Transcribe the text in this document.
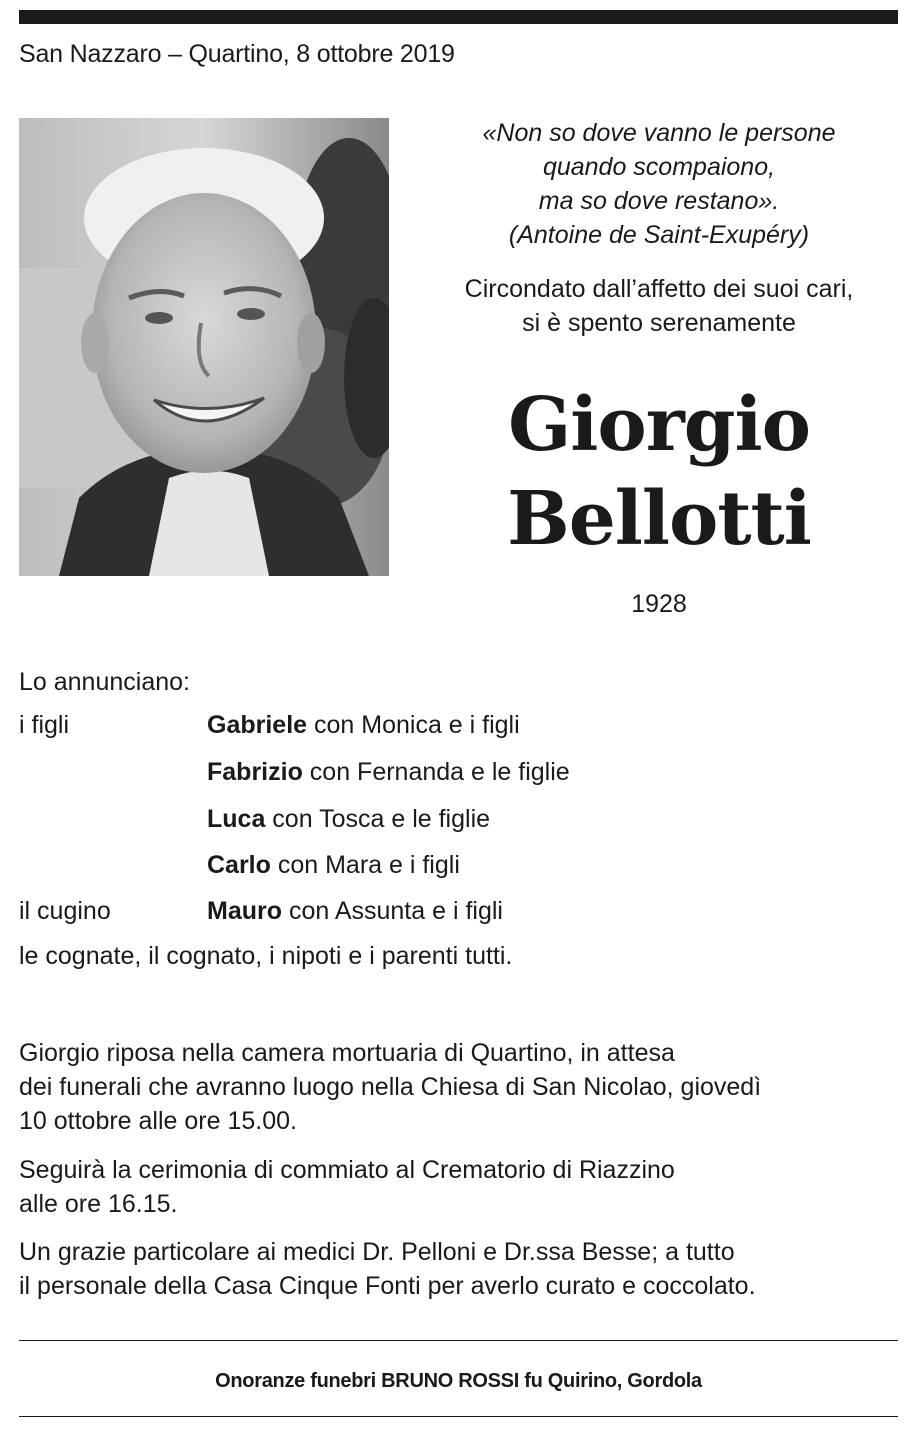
San Nazzaro – Quartino, 8 ottobre 2019
«Non so dove vanno le persone
quando scompaiono,
ma so dove restano».
(Antoine de Saint-Exupéry)
Circondato dall’affetto dei suoi cari,
si è spento serenamente
Giorgio
Bellotti
1928
Lo annunciano:
i figli	Gabriele con Monica e i figli
Fabrizio con Fernanda e le figlie
Luca con Tosca e le figlie
Carlo con Mara e i figli
il cugino	Mauro con Assunta e i figli
le cognate, il cognato, i nipoti e i parenti tutti.
Giorgio riposa nella camera mortuaria di Quartino, in attesa
dei funerali che avranno luogo nella Chiesa di San Nicolao, giovedì
10 ottobre alle ore 15.00.
Seguirà la cerimonia di commiato al Crematorio di Riazzino
alle ore 16.15.
Un grazie particolare ai medici Dr. Pelloni e Dr.ssa Besse; a tutto
il personale della Casa Cinque Fonti per averlo curato e coccolato.
Onoranze funebri BRUNO ROSSI fu Quirino, Gordola
